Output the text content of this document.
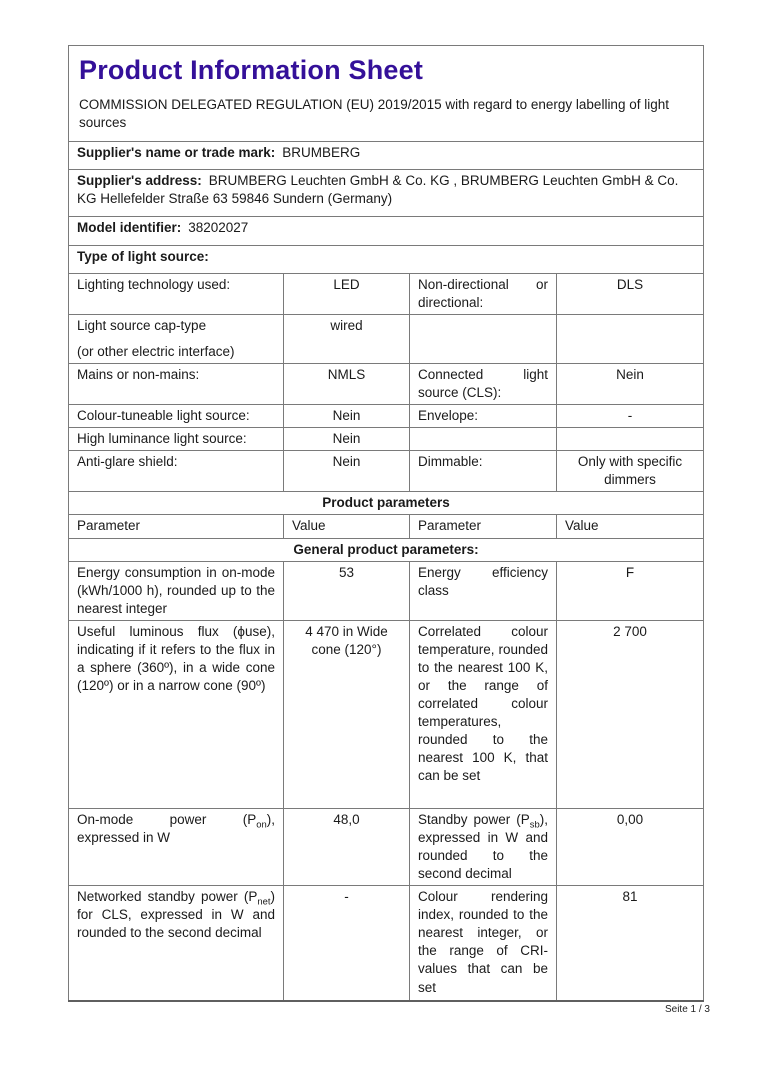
Product Information Sheet

COMMISSION DELEGATED REGULATION (EU) 2019/2015 with regard to energy labelling of light sources

Supplier's name or trade mark: BRUMBERG			
Supplier's address: BRUMBERG Leuchten GmbH & Co. KG , BRUMBERG Leuchten GmbH & Co. KG Hellefelder Straße 63 59846 Sundern (Germany)			
Model identifier: 38202027			
Type of light source:			
Lighting technology used:	LED	Non-directional or directional:	DLS

Light source cap-type
(or other electric interface)	wired		
Mains or non-mains:	NMLS	Connected light source (CLS):	Nein
Colour-tuneable light source:	Nein	Envelope:	-
High luminance light source:	Nein		
Anti-glare shield:	Nein	Dimmable:	Only with specific dimmers
Product parameters			
Parameter	Value	Parameter	Value
General product parameters:			
Energy consumption in on-mode (kWh/1000 h), rounded up to the nearest integer	53	Energy efficiency class	F
Useful luminous flux (ϕuse), indicating if it refers to the flux in a sphere (360º), in a wide cone (120º) or in a narrow cone (90º)	4 470 in Wide cone (120°)	Correlated colour temperature, rounded to the nearest 100 K, or the range of correlated colour temperatures, rounded to the nearest 100 K, that can be set	2 700
On-mode power $(P_{on})$, expressed in W	48,0	Standby power $(P_{sb})$, expressed in W and rounded to the second decimal	0,00
Networked standby power $(P_{net})$ for CLS, expressed in W and rounded to the second decimal	-	Colour rendering index, rounded to the nearest integer, or the range of CRI-values that can be set	81
Seite 1 / 3
